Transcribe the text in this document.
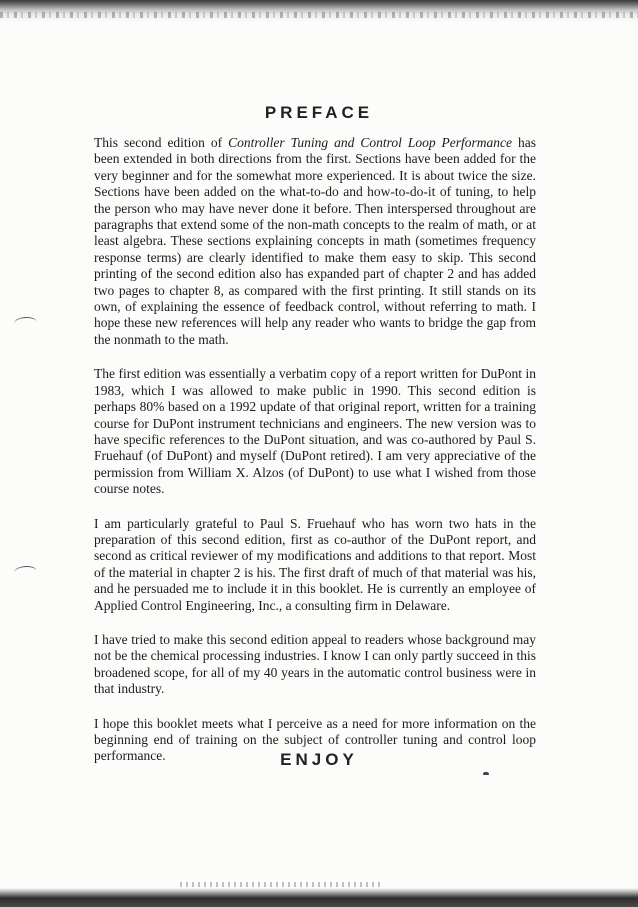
PREFACE

This second edition of Controller Tuning and Control Loop Performance has been extended in both directions from the first. Sections have been added for the very beginner and for the somewhat more experienced. It is about twice the size. Sections have been added on the what-to-do and how-to-do-it of tuning, to help the person who may have never done it before. Then interspersed throughout are paragraphs that extend some of the non-math concepts to the realm of math, or at least algebra. These sections explaining concepts in math (sometimes frequency response terms) are clearly identified to make them easy to skip. This second printing of the second edition also has expanded part of chapter 2 and has added two pages to chapter 8, as compared with the first printing. It still stands on its own, of explaining the essence of feedback control, without referring to math. I hope these new references will help any reader who wants to bridge the gap from the nonmath to the math.

The first edition was essentially a verbatim copy of a report written for DuPont in 1983, which I was allowed to make public in 1990. This second edition is perhaps 80% based on a 1992 update of that original report, written for a training course for DuPont instrument technicians and engineers. The new version was to have specific references to the DuPont situation, and was co-authored by Paul S. Fruehauf (of DuPont) and myself (DuPont retired). I am very appreciative of the permission from William X. Alzos (of DuPont) to use what I wished from those course notes.

I am particularly grateful to Paul S. Fruehauf who has worn two hats in the preparation of this second edition, first as co-author of the DuPont report, and second as critical reviewer of my modifications and additions to that report. Most of the material in chapter 2 is his. The first draft of much of that material was his, and he persuaded me to include it in this booklet. He is currently an employee of Applied Control Engineering, Inc., a consulting firm in Delaware.

I have tried to make this second edition appeal to readers whose background may not be the chemical processing industries. I know I can only partly succeed in this broadened scope, for all of my 40 years in the automatic control business were in that industry.

I hope this booklet meets what I perceive as a need for more information on the beginning end of training on the subject of controller tuning and control loop performance.	ENJOY
